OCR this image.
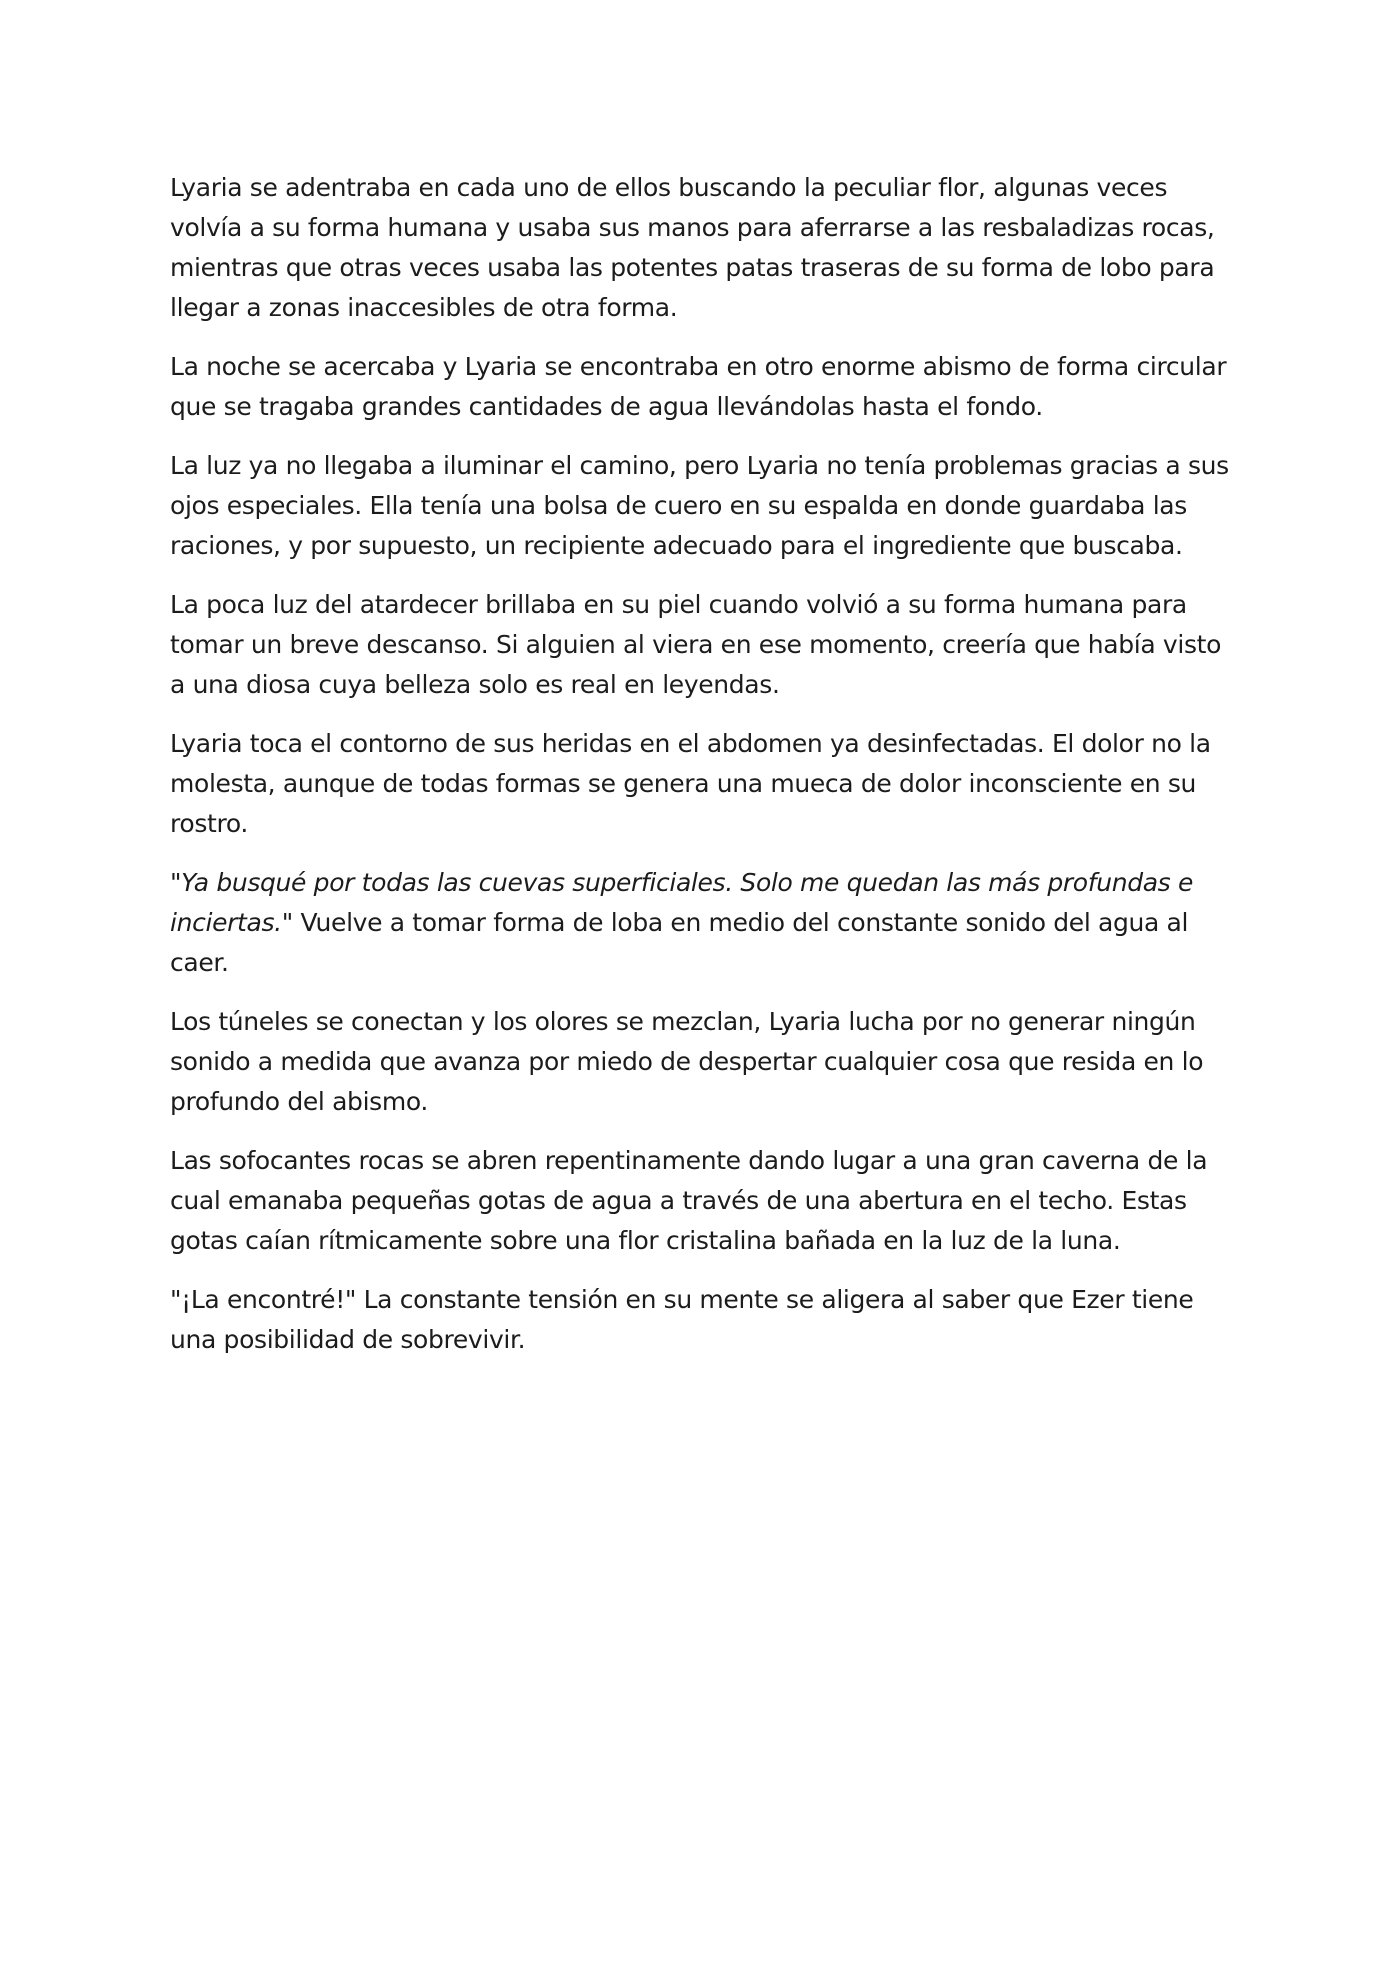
Lyaria se adentraba en cada uno de ellos buscando la peculiar flor, algunas veces volvía a su forma humana y usaba sus manos para aferrarse a las resbaladizas rocas, mientras que otras veces usaba las potentes patas traseras de su forma de lobo para llegar a zonas inaccesibles de otra forma.

La noche se acercaba y Lyaria se encontraba en otro enorme abismo de forma circular que se tragaba grandes cantidades de agua llevándolas hasta el fondo.

La luz ya no llegaba a iluminar el camino, pero Lyaria no tenía problemas gracias a sus ojos especiales. Ella tenía una bolsa de cuero en su espalda en donde guardaba las raciones, y por supuesto, un recipiente adecuado para el ingrediente que buscaba.

La poca luz del atardecer brillaba en su piel cuando volvió a su forma humana para tomar un breve descanso. Si alguien al viera en ese momento, creería que había visto a una diosa cuya belleza solo es real en leyendas.

Lyaria toca el contorno de sus heridas en el abdomen ya desinfectadas. El dolor no la molesta, aunque de todas formas se genera una mueca de dolor inconsciente en su rostro.

"Ya busqué por todas las cuevas superficiales. Solo me quedan las más profundas e inciertas." Vuelve a tomar forma de loba en medio del constante sonido del agua al caer.

Los túneles se conectan y los olores se mezclan, Lyaria lucha por no generar ningún sonido a medida que avanza por miedo de despertar cualquier cosa que resida en lo profundo del abismo.

Las sofocantes rocas se abren repentinamente dando lugar a una gran caverna de la cual emanaba pequeñas gotas de agua a través de una abertura en el techo. Estas gotas caían rítmicamente sobre una flor cristalina bañada en la luz de la luna.

"¡La encontré!" La constante tensión en su mente se aligera al saber que Ezer tiene una posibilidad de sobrevivir.
